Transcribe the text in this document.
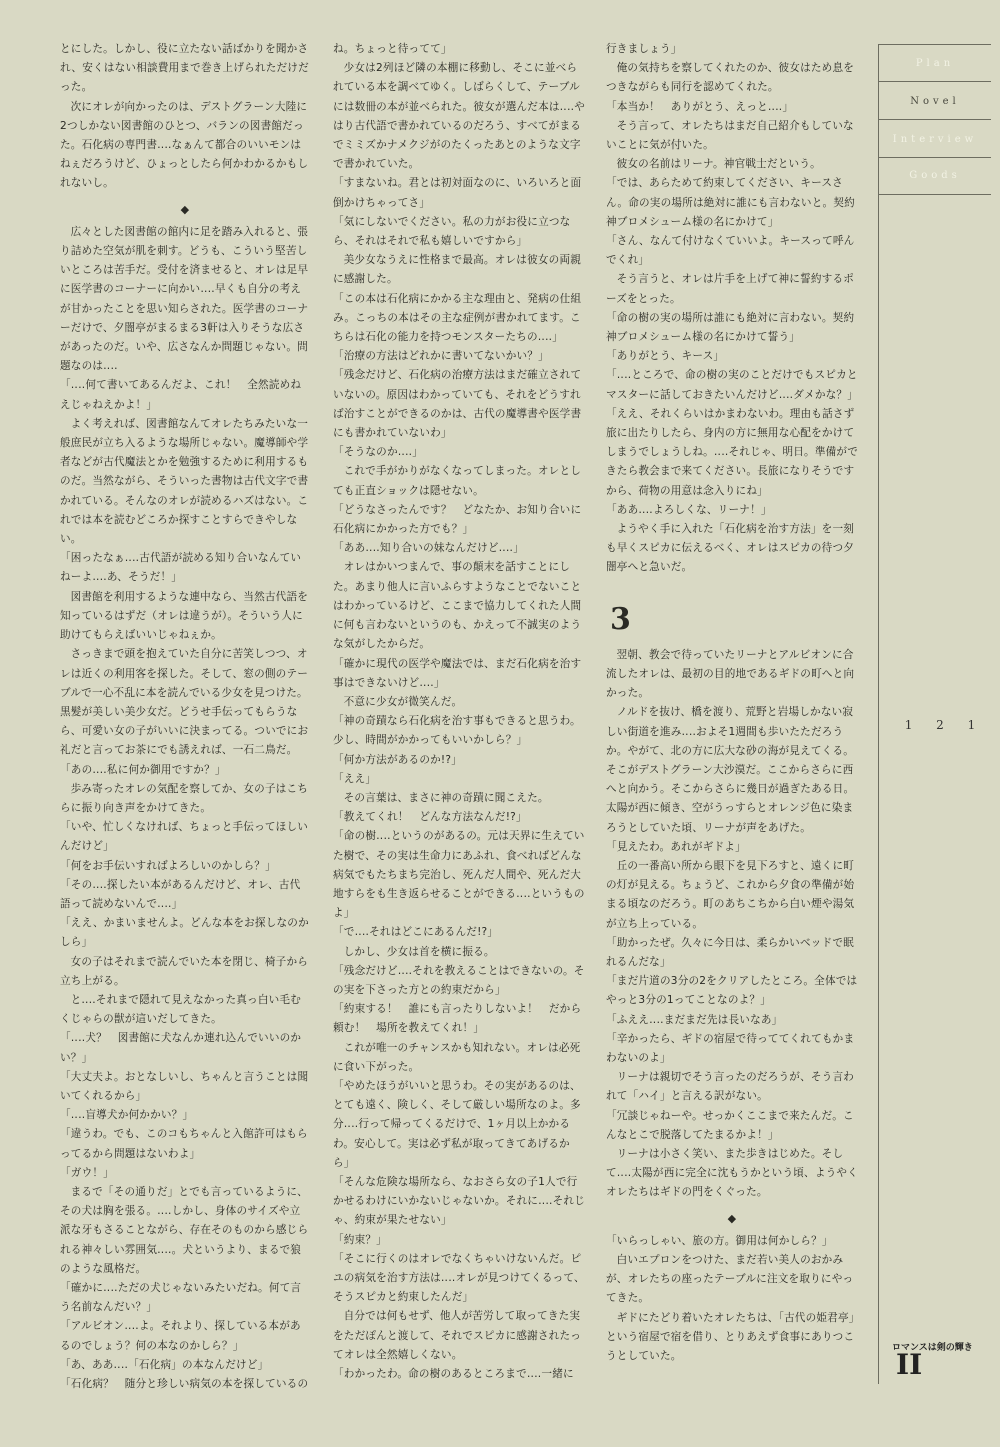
とにした。しかし、役に立たない話ばかりを聞かされ、安くはない相談費用まで巻き上げられただけだった。

次にオレが向かったのは、デストグラーン大陸に2つしかない図書館のひとつ、バランの図書館だった。石化病の専門書‥‥なぁんて都合のいいモンはねぇだろうけど、ひょっとしたら何かわかるかもしれないし。

◆

広々とした図書館の館内に足を踏み入れると、張り詰めた空気が肌を刺す。どうも、こういう堅苦しいところは苦手だ。受付を済ませると、オレは足早に医学書のコーナーに向かい‥‥早くも自分の考えが甘かったことを思い知らされた。医学書のコーナーだけで、夕闇亭がまるまる3軒は入りそうな広さがあったのだ。いや、広さなんか問題じゃない。問題なのは‥‥

「‥‥何て書いてあるんだよ、これ！　全然読めねえじゃねえかよ！」

よく考えれば、図書館なんてオレたちみたいな一般庶民が立ち入るような場所じゃない。魔導師や学者などが古代魔法とかを勉強するために利用するものだ。当然ながら、そういった書物は古代文字で書かれている。そんなのオレが読めるハズはない。これでは本を読むどころか探すことすらできやしない。

「困ったなぁ‥‥古代語が読める知り合いなんていねーよ‥‥あ、そうだ！」

図書館を利用するような連中なら、当然古代語を知っているはずだ（オレは違うが）。そういう人に助けてもらえばいいじゃねぇか。

さっきまで頭を抱えていた自分に苦笑しつつ、オレは近くの利用客を探した。そして、窓の側のテーブルで一心不乱に本を読んでいる少女を見つけた。黒髪が美しい美少女だ。どうせ手伝ってもらうなら、可愛い女の子がいいに決まってる。ついでにお礼だと言ってお茶にでも誘えれば、一石二鳥だ。

「あの‥‥私に何か御用ですか？」

歩み寄ったオレの気配を察してか、女の子はこちらに振り向き声をかけてきた。

「いや、忙しくなければ、ちょっと手伝ってほしいんだけど」

「何をお手伝いすればよろしいのかしら？」

「その‥‥探したい本があるんだけど、オレ、古代語って読めないんで‥‥」

「ええ、かまいませんよ。どんな本をお探しなのかしら」

女の子はそれまで読んでいた本を閉じ、椅子から立ち上がる。

と‥‥それまで隠れて見えなかった真っ白い毛むくじゃらの獣が這いだしてきた。

「‥‥犬？　図書館に犬なんか連れ込んでいいのかい？」

「大丈夫よ。おとなしいし、ちゃんと言うことは聞いてくれるから」

「‥‥盲導犬か何かかい？」

「違うわ。でも、このコもちゃんと入館許可はもらってるから問題はないわよ」

「ガウ！」

まるで「その通りだ」とでも言っているように、その犬は胸を張る。‥‥しかし、身体のサイズや立派な牙もさることながら、存在そのものから感じられる神々しい雰囲気‥‥。犬というより、まるで狼のような風格だ。

「確かに‥‥ただの犬じゃないみたいだね。何て言う名前なんだい？」

「アルビオン‥‥よ。それより、探している本があるのでしょう？何の本なのかしら？」

「あ、ああ‥‥「石化病」の本なんだけど」

「石化病？　随分と珍しい病気の本を探しているの

ね。ちょっと待ってて」

少女は2列ほど隣の本棚に移動し、そこに並べられている本を調べてゆく。しばらくして、テーブルには数冊の本が並べられた。彼女が選んだ本は‥‥やはり古代語で書かれているのだろう、すべてがまるでミミズかナメクジがのたくったあとのような文字で書かれていた。

「すまないね。君とは初対面なのに、いろいろと面倒かけちゃってさ」

「気にしないでください。私の力がお役に立つなら、それはそれで私も嬉しいですから」

美少女なうえに性格まで最高。オレは彼女の両親に感謝した。

「この本は石化病にかかる主な理由と、発病の仕組み。こっちの本はその主な症例が書かれてます。こちらは石化の能力を持つモンスターたちの‥‥」

「治療の方法はどれかに書いてないかい？」

「残念だけど、石化病の治療方法はまだ確立されていないの。原因はわかっていても、それをどうすれば治すことができるのかは、古代の魔導書や医学書にも書かれていないわ」

「そうなのか‥‥」

これで手がかりがなくなってしまった。オレとしても正直ショックは隠せない。

「どうなさったんです？　どなたか、お知り合いに石化病にかかった方でも？」

「ああ‥‥知り合いの妹なんだけど‥‥」

オレはかいつまんで、事の顛末を話すことにした。あまり他人に言いふらすようなことでないことはわかっているけど、ここまで協力してくれた人間に何も言わないというのも、かえって不誠実のような気がしたからだ。

「確かに現代の医学や魔法では、まだ石化病を治す事はできないけど‥‥」

不意に少女が微笑んだ。

「神の奇蹟なら石化病を治す事もできると思うわ。少し、時間がかかってもいいかしら？」

「何か方法があるのか!?」

「ええ」

その言葉は、まさに神の奇蹟に聞こえた。

「教えてくれ！　どんな方法なんだ!?」

「命の樹‥‥というのがあるの。元は天界に生えていた樹で、その実は生命力にあふれ、食べればどんな病気でもたちまち完治し、死んだ人間や、死んだ大地すらをも生き返らせることができる‥‥というものよ」

「で‥‥それはどこにあるんだ!?」

しかし、少女は首を横に振る。

「残念だけど‥‥それを教えることはできないの。その実を下さった方との約束だから」

「約束する！　誰にも言ったりしないよ！　だから頼む！　場所を教えてくれ！」

これが唯一のチャンスかも知れない。オレは必死に食い下がった。

「やめたほうがいいと思うわ。その実があるのは、とても遠く、険しく、そして厳しい場所なのよ。多分‥‥行って帰ってくるだけで、1ヶ月以上かかるわ。安心して。実は必ず私が取ってきてあげるから」

「そんな危険な場所なら、なおさら女の子1人で行かせるわけにいかないじゃないか。それに‥‥それじゃ、約束が果たせない」

「約束？」

「そこに行くのはオレでなくちゃいけないんだ。ピユの病気を治す方法は‥‥オレが見つけてくるって、そうスピカと約束したんだ」

自分では何もせず、他人が苦労して取ってきた実をただぽんと渡して、それでスピカに感謝されたってオレは全然嬉しくない。

「わかったわ。命の樹のあるところまで‥‥一緒に

行きましょう」

俺の気持ちを察してくれたのか、彼女はため息をつきながらも同行を認めてくれた。

「本当か！　ありがとう、えっと‥‥」

そう言って、オレたちはまだ自己紹介もしていないことに気が付いた。

彼女の名前はリーナ。神官戦士だという。

「では、あらためて約束してください、キースさん。命の実の場所は絶対に誰にも言わないと。契約神ブロメシューム様の名にかけて」

「さん、なんて付けなくていいよ。キースって呼んでくれ」

そう言うと、オレは片手を上げて神に誓約するポーズをとった。

「命の樹の実の場所は誰にも絶対に言わない。契約神ブロメシューム様の名にかけて誓う」

「ありがとう、キース」

「‥‥ところで、命の樹の実のことだけでもスピカとマスターに話しておきたいんだけど‥‥ダメかな？」

「ええ、それくらいはかまわないわ。理由も話さず旅に出たりしたら、身内の方に無用な心配をかけてしまうでしょうしね。‥‥それじゃ、明日。準備ができたら教会まで来てください。長旅になりそうですから、荷物の用意は念入りにね」

「ああ‥‥よろしくな、リーナ！」

ようやく手に入れた「石化病を治す方法」を一刻も早くスピカに伝えるべく、オレはスピカの待つ夕闇亭へと急いだ。

3

翌朝、教会で待っていたリーナとアルビオンに合流したオレは、最初の目的地であるギドの町へと向かった。

ノルドを抜け、橋を渡り、荒野と岩場しかない寂しい街道を進み‥‥およそ1週間も歩いたただろうか。やがて、北の方に広大な砂の海が見えてくる。そこがデストグラーン大沙漠だ。ここからさらに西へと向かう。そこからさらに幾日が過ぎたある日。太陽が西に傾き、空がうっすらとオレンジ色に染まろうとしていた頃、リーナが声をあげた。

「見えたわ。あれがギドよ」

丘の一番高い所から眼下を見下ろすと、遠くに町の灯が見える。ちょうど、これから夕食の準備が始まる頃なのだろう。町のあちこちから白い煙や湯気が立ち上っている。

「助かったぜ。久々に今日は、柔らかいベッドで眠れるんだな」

「まだ片道の3分の2をクリアしたところ。全体ではやっと3分の1ってことなのよ？」

「ふええ‥‥まだまだ先は長いなあ」

「辛かったら、ギドの宿屋で待っててくれてもかまわないのよ」

リーナは親切でそう言ったのだろうが、そう言われて「ハイ」と言える訳がない。

「冗談じゃねーや。せっかくここまで来たんだ。こんなとこで脱落してたまるかよ！」

リーナは小さく笑い、また歩きはじめた。そして‥‥太陽が西に完全に沈もうかという頃、ようやくオレたちはギドの門をくぐった。

◆

「いらっしゃい、旅の方。御用は何かしら？」

白いエプロンをつけた、まだ若い美人のおかみが、オレたちの座ったテーブルに注文を取りにやってきた。

ギドにたどり着いたオレたちは、「古代の姫君亭」という宿屋で宿を借り、とりあえず食事にありつこうとしていた。

Plan
Novel
Interview
Goods
1 2 1
ロマンスは剣の輝き
II
